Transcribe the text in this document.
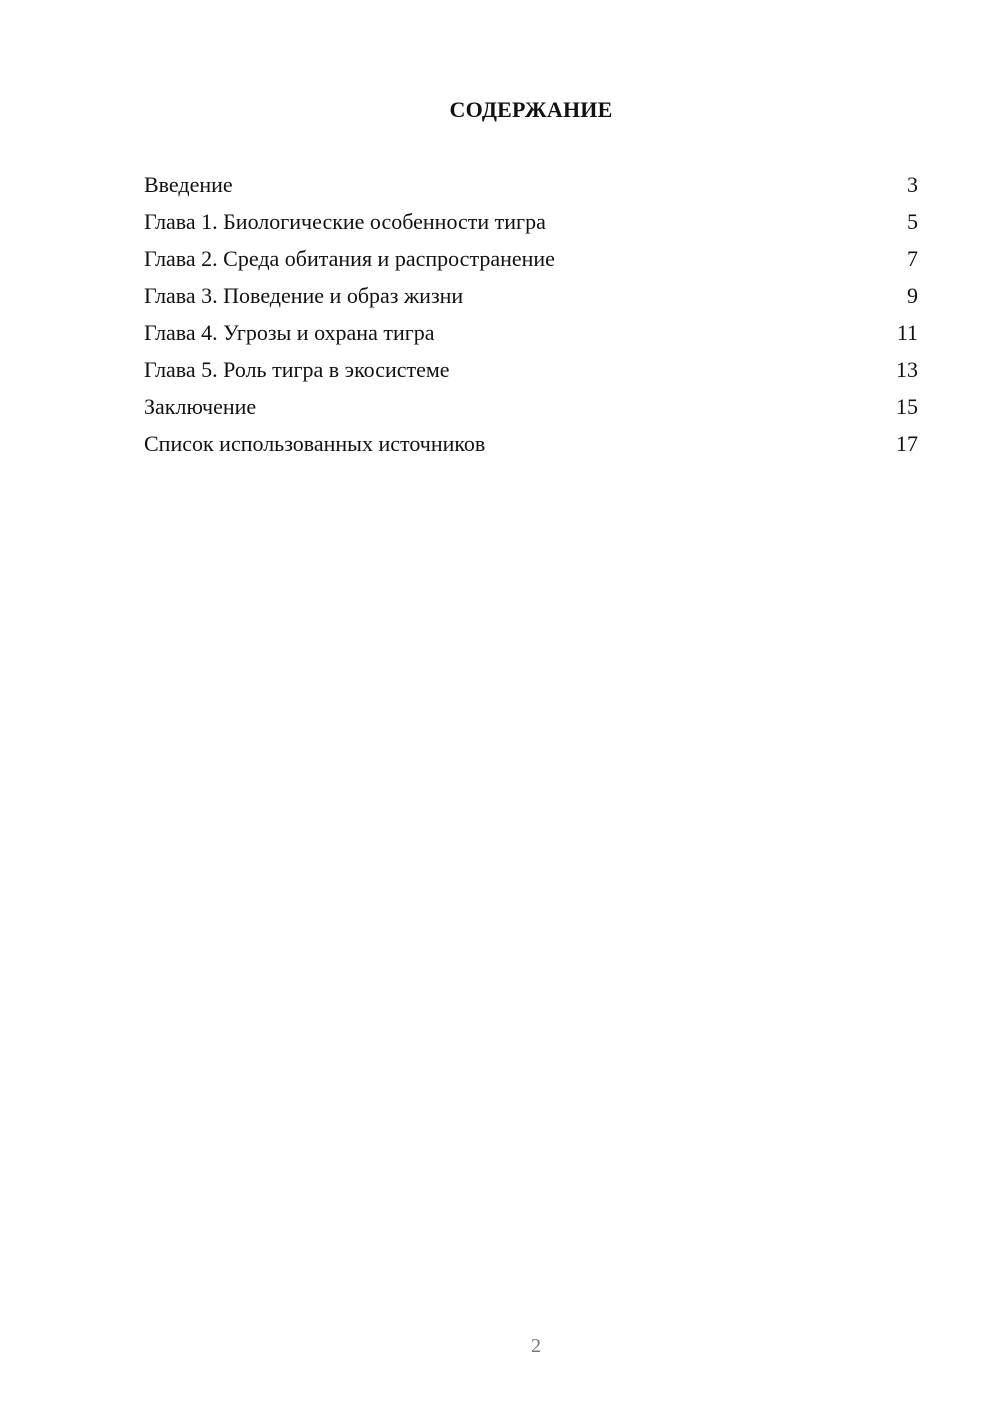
СОДЕРЖАНИЕ
Введение	3
Глава 1. Биологические особенности тигра	5
Глава 2. Среда обитания и распространение	7
Глава 3. Поведение и образ жизни	9
Глава 4. Угрозы и охрана тигра	11
Глава 5. Роль тигра в экосистеме	13
Заключение	15
Список использованных источников	17
2
